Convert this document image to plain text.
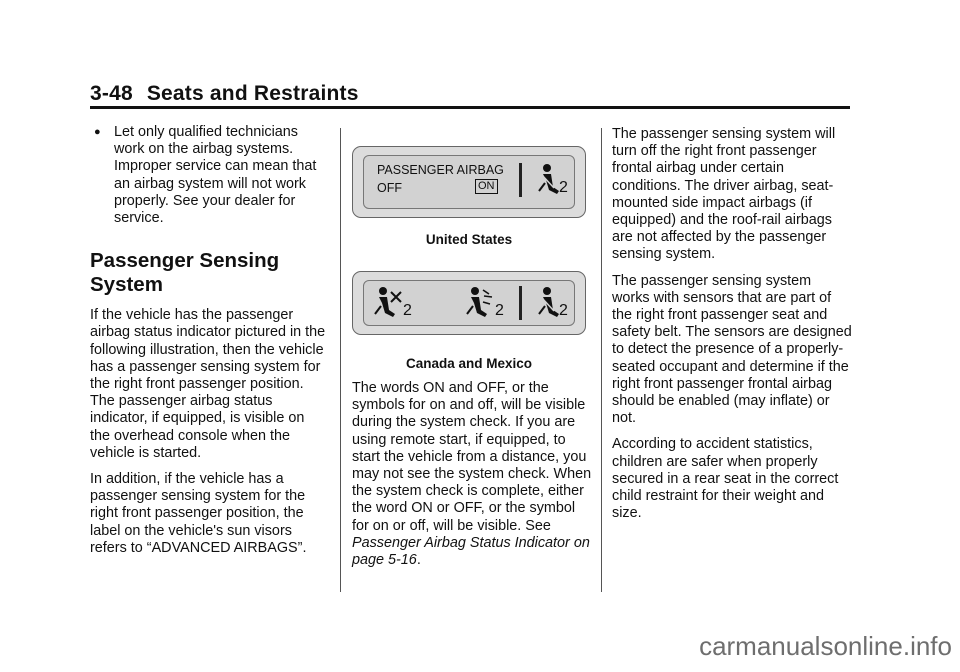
3-48 Seats and Restraints

● Let only qualified technicians work on the airbag systems. Improper service can mean that an airbag system will not work properly. See your dealer for service.

Passenger Sensing System

If the vehicle has the passenger airbag status indicator pictured in the following illustration, then the vehicle has a passenger sensing system for the right front passenger position. The passenger airbag status indicator, if equipped, is visible on the overhead console when the vehicle is started.

In addition, if the vehicle has a passenger sensing system for the right front passenger position, the label on the vehicle's sun visors refers to “ADVANCED AIRBAGS”.

PASSENGER AIRBAG
OFF	ON	2
United States
2	2	2
Canada and Mexico

The words ON and OFF, or the symbols for on and off, will be visible during the system check. If you are using remote start, if equipped, to start the vehicle from a distance, you may not see the system check. When the system check is complete, either the word ON or OFF, or the symbol for on or off, will be visible. See Passenger Airbag Status Indicator on page 5-16.

The passenger sensing system will turn off the right front passenger frontal airbag under certain conditions. The driver airbag, seat-mounted side impact airbags (if equipped) and the roof-rail airbags are not affected by the passenger sensing system.

The passenger sensing system works with sensors that are part of the right front passenger seat and safety belt. The sensors are designed to detect the presence of a properly-seated occupant and determine if the right front passenger frontal airbag should be enabled (may inflate) or not.

According to accident statistics, children are safer when properly secured in a rear seat in the correct child restraint for their weight and size.

carmanualsonline.info
